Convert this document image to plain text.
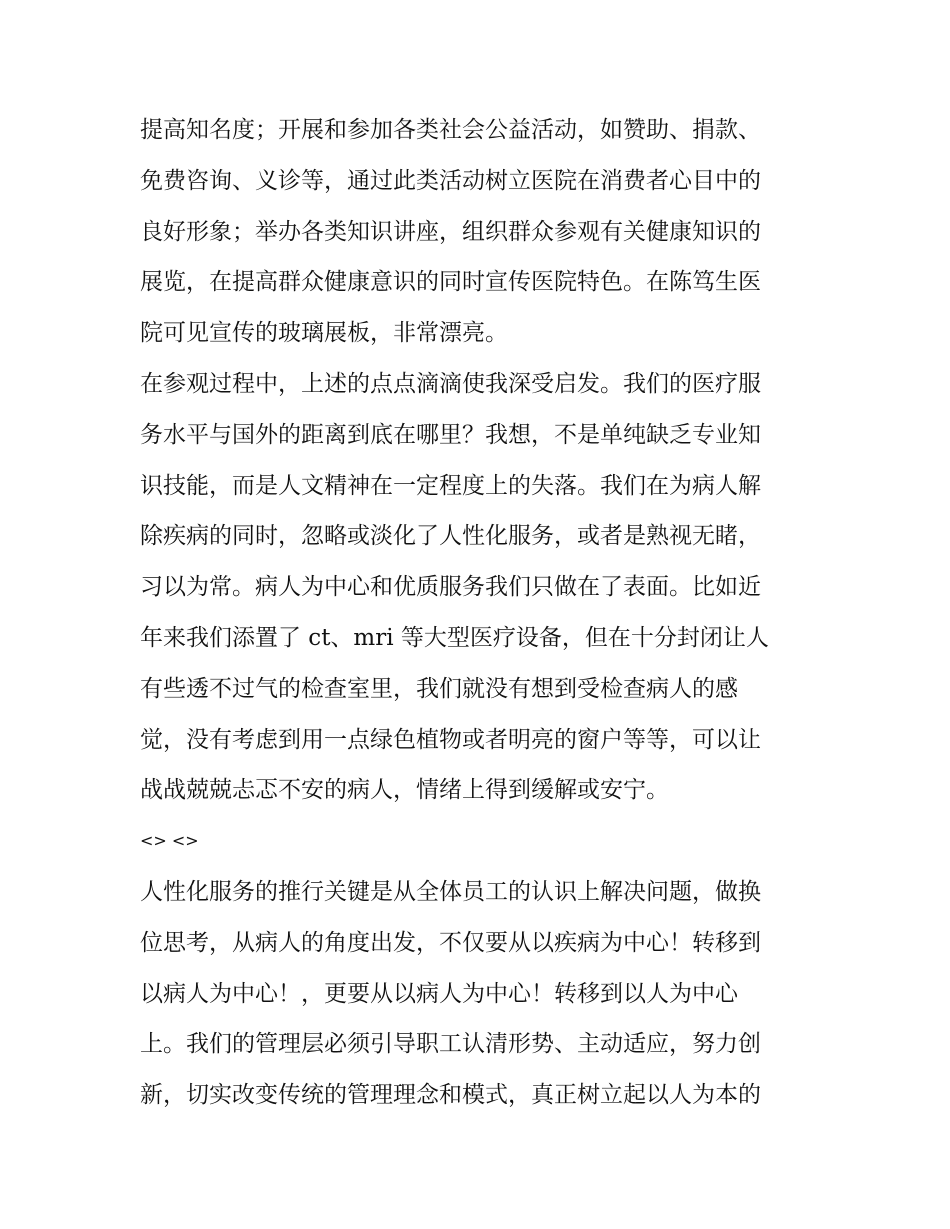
提高知名度；开展和参加各类社会公益活动，如赞助、捐款、
免费咨询、义诊等，通过此类活动树立医院在消费者心目中的
良好形象；举办各类知识讲座，组织群众参观有关健康知识的
展览，在提高群众健康意识的同时宣传医院特色。在陈笃生医
院可见宣传的玻璃展板，非常漂亮。
在参观过程中，上述的点点滴滴使我深受启发。我们的医疗服
务水平与国外的距离到底在哪里？我想，不是单纯缺乏专业知
识技能，而是人文精神在一定程度上的失落。我们在为病人解
除疾病的同时，忽略或淡化了人性化服务，或者是熟视无睹，
习以为常。病人为中心和优质服务我们只做在了表面。比如近
年来我们添置了 ct、mri 等大型医疗设备，但在十分封闭让人
有些透不过气的检查室里，我们就没有想到受检查病人的感
觉，没有考虑到用一点绿色植物或者明亮的窗户等等，可以让
战战兢兢忐忑不安的病人，情绪上得到缓解或安宁。
<> <>
人性化服务的推行关键是从全体员工的认识上解决问题，做换
位思考，从病人的角度出发，不仅要从以疾病为中心！转移到
以病人为中心！，更要从以病人为中心！转移到以人为中心
上。我们的管理层必须引导职工认清形势、主动适应，努力创
新，切实改变传统的管理理念和模式，真正树立起以人为本的
